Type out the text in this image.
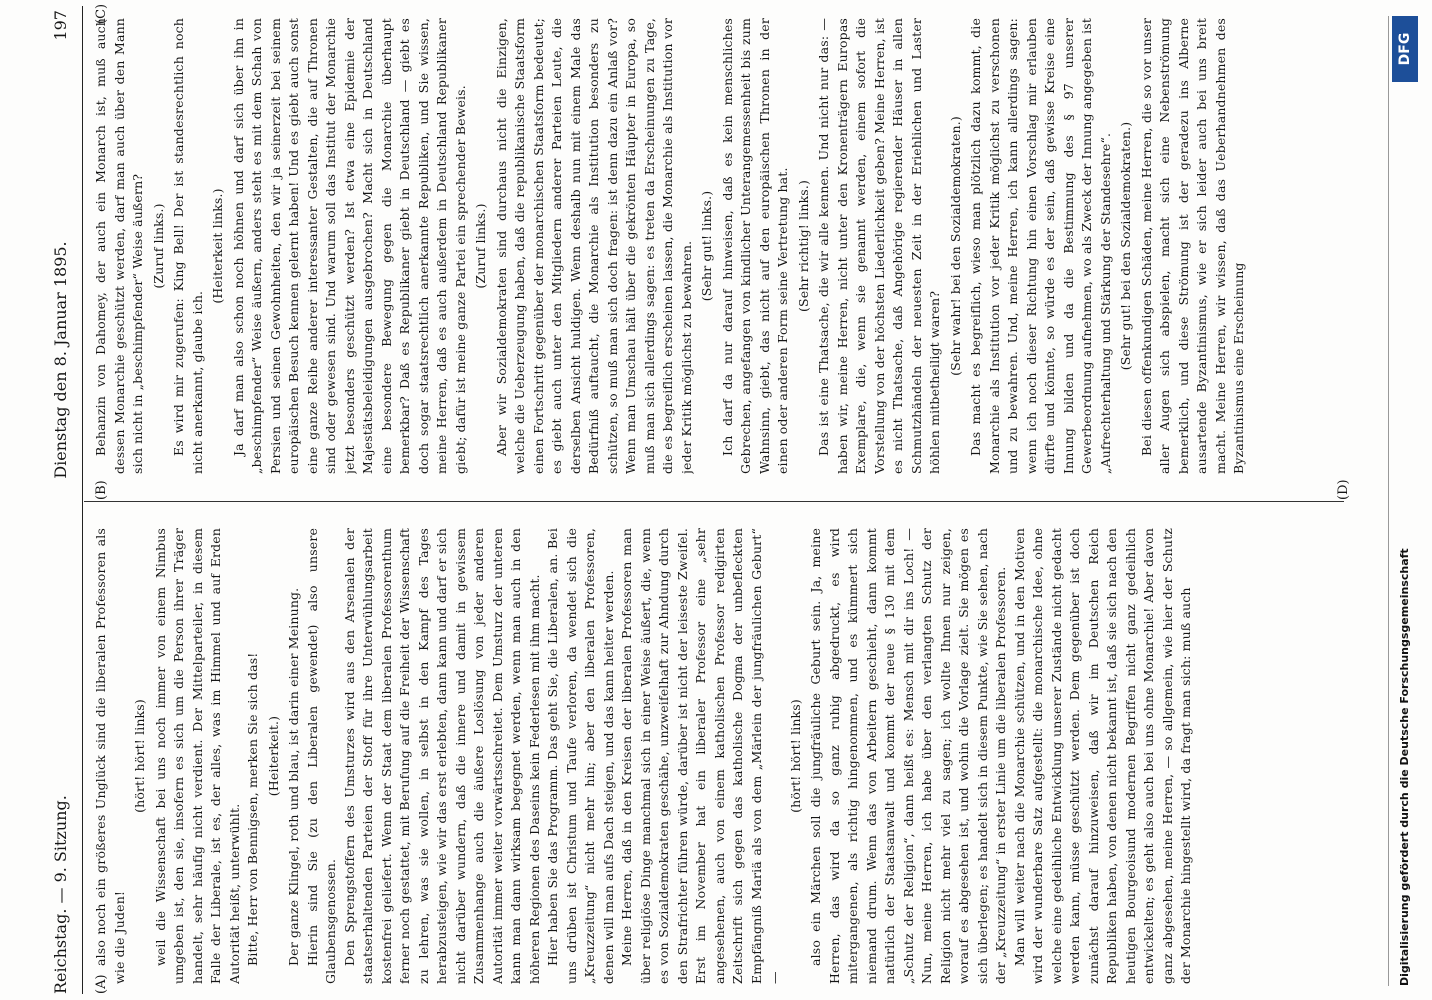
Reichstag. — 9. Sitzung.
Dienstag den 8. Januar 1895.
197
(A)
(B)
(C)
(D)

also noch ein größeres Unglück sind die liberalen Professoren als wie die Juden!

(hört! hört! links) weil die Wissenschaft bei uns noch immer von einem Nimbus umgeben ist, den sie, insofern es sich um die Person ihrer Träger handelt, sehr häufig nicht verdient. Der Mittelparteiler, in diesem Falle der Liberale, ist es, der alles, was im Himmel und auf Erden Autorität heißt, unterwühlt. Bitte, Herr von Bennigsen, merken Sie sich das! (Heiterkeit.) Der ganze Klingel, roth und blau, ist darin einer Meinung. Hierin sind Sie (zu den Liberalen gewendet) also unsere Glaubensgenossen. Den Sprengstoffern des Umsturzes wird aus den Arsenalen der staatserhaltenden Parteien der Stoff für ihre Unterwühlungsarbeit kostenfrei geliefert. Wenn der Staat dem liberalen Professorenthum ferner noch gestattet, mit Berufung auf die Freiheit der Wissenschaft zu lehren, was sie wollen, in selbst in den Kampf des Tages herabzusteigen, wie wir das erst erlebten, dann kann und darf er sich nicht darüber wundern, daß die innere und damit in gewissem Zusammenhange auch die äußere Loslösung von jeder anderen Autorität immer weiter vorwärtsschreitet. Dem Umsturz der unteren kann man dann wirksam begegnet werden, wenn man auch in den höheren Regionen des Daseins kein Federlesen mit ihm macht. Hier haben Sie das Programm. Das geht Sie, die Liberalen, an. Bei uns drüben ist Christum und Taufe verloren, da wendet sich die „Kreuzzeitung“ nicht mehr hin; aber den liberalen Professoren, denen will man aufs Dach steigen, und das kann heiter werden. Meine Herren, daß in den Kreisen der liberalen Professoren man über religiöse Dinge manchmal sich in einer Weise äußert, die, wenn es von Sozialdemokraten geschähe, unzweifelhaft zur Ahndung durch den Strafrichter führen würde, darüber ist nicht der leiseste Zweifel. Erst im November hat ein liberaler Professor eine „sehr angesehenen, auch von einem katholischen Professor redigirten Zeitschrift sich gegen das katholische Dogma der unbefleckten Empfängniß Mariä als von dem „Märlein der jungfräulichen Geburt“ —

(hört! hört! links) also ein Märchen soll die jungfräuliche Geburt sein. Ja, meine Herren, das wird da so ganz ruhig abgedruckt, es wird mitergangenen, als richtig hingenommen, und es kümmert sich niemand drum. Wenn das von Arbeitern geschieht, dann kommt natürlich der Staatsanwalt und kommt der neue § 130 mit dem „Schutz der Religion“, dann heißt es: Mensch mit dir ins Loch! — Nun, meine Herren, ich habe über den verlangten Schutz der Religion nicht mehr viel zu sagen; ich wollte Ihnen nur zeigen, worauf es abgesehen ist, und wohin die Vorlage zielt. Sie mögen es sich überlegen; es handelt sich in diesem Punkte, wie Sie sehen, nach der „Kreuzzeitung“ in erster Linie um die liberalen Professoren. Man will weiter nach die Monarchie schützen, und in den Motiven wird der wunderbare Satz aufgestellt: die monarchische Idee, ohne welche eine gedeihliche Entwicklung unserer Zustände nicht gedacht werden kann, müsse geschützt werden. Dem gegenüber ist doch zunächst darauf hinzuweisen, daß wir im Deutschen Reich Republiken haben, von denen nicht bekannt ist, daß sie sich nach den heutigen Bourgeoisund modernen Begriffen nicht ganz gedeihlich entwickelten; es geht also auch bei uns ohne Monarchie! Aber davon ganz abgesehen, meine Herren, — so allgemein, wie hier der Schutz der Monarchie hingestellt wird, da fragt man sich: muß auch

Behanzin von Dahomey, der auch ein Monarch ist, muß auch dessen Monarchie geschützt werden, darf man auch über den Mann sich nicht in „beschimpfender“ Weise äußern? (Zuruf links.) Es wird mir zugerufen: King Bell! Der ist standesrechtlich noch nicht anerkannt, glaube ich.

(Heiterkeit links.) Ja darf man also schon noch höhnen und darf sich über ihn in „beschimpfender“ Weise äußern, anders steht es mit dem Schah von Persien und seinen Gewohnheiten, den wir ja seinerzeit bei seinem europäischen Besuch kennen gelernt haben! Und es giebt auch sonst eine ganze Reihe anderer interessanter Gestalten, die auf Thronen sind oder gewesen sind. Und warum soll das Institut der Monarchie jetzt besonders geschützt werden? Ist etwa eine Epidemie der Majestätsbeleidigungen ausgebrochen? Macht sich in Deutschland eine besondere Bewegung gegen die Monarchie überhaupt bemerkbar? Daß es Republikaner giebt in Deutschland — giebt es doch sogar staatsrechtlich anerkannte Republiken, und Sie wissen, meine Herren, daß es auch außerdem in Deutschland Republikaner giebt; dafür ist meine ganze Partei ein sprechender Beweis. (Zuruf links.) Aber wir Sozialdemokraten sind durchaus nicht die Einzigen, welche die Ueberzeugung haben, daß die republikanische Staatsform einen Fortschritt gegenüber der monarchischen Staatsform bedeutet; es giebt auch unter den Mitgliedern anderer Parteien Leute, die derselben Ansicht huldigen. Wenn deshalb nun mit einem Male das Bedürfniß auftaucht, die Monarchie als Institution besonders zu schützen, so muß man sich doch fragen: ist denn dazu ein Anlaß vor? Wenn man Umschau hält über die gekrönten Häupter in Europa, so muß man sich allerdings sagen: es treten da Erscheinungen zu Tage, die es begreiflich erscheinen lassen, die Monarchie als Institution vor jeder Kritik möglichst zu bewahren. (Sehr gut! links.) Ich darf da nur darauf hinweisen, daß es kein menschliches Gebrechen, angefangen von kindlicher Unterangemessenheit bis zum Wahnsinn, giebt, das nicht auf den europäischen Thronen in der einen oder anderen Form seine Vertretung hat. (Sehr richtig! links.) Das ist eine Thatsache, die wir alle kennen. Und nicht nur das: — haben wir, meine Herren, nicht unter den Kronenträgern Europas Exemplare, die, wenn sie genannt werden, einem sofort die Vorstellung von der höchsten Liederlichkeit geben? Meine Herren, ist es nicht Thatsache, daß Angehörige regierender Häuser in allen Schmutzhändeln der neuesten Zeit in der Eriehlichen und Laster höhlen mitbetheiligt waren?

(Sehr wahr! bei den Sozialdemokraten.) Das macht es begreiflich, wieso man plötzlich dazu kommt, die Monarchie als Institution vor jeder Kritik möglichst zu verschonen und zu bewahren. Und, meine Herren, ich kann allerdings sagen: wenn ich noch dieser Richtung hin einen Vorschlag mir erlauben dürfte und könnte, so würde es der sein, daß gewisse Kreise eine Innung bilden und da die Bestimmung des § 97 unserer Gewerbeordnung aufnehmen, wo als Zweck der Innung angegeben ist „Aufrechterhaltung und Stärkung der Standesehre“. (Sehr gut! bei den Sozialdemokraten.) Bei diesen offenkundigen Schäden, meine Herren, die so vor unser aller Augen sich abspielen, macht sich eine Nebenströmung bemerklich, und diese Strömung ist der geradezu ins Alberne ausartende Byzantinismus, wie er sich leider auch bei uns breit macht. Meine Herren, wir wissen, daß das Ueberhandnehmen des Byzantinismus eine Erscheinung

Digitalisierung gefördert durch die Deutsche Forschungsgemeinschaft
DFG
